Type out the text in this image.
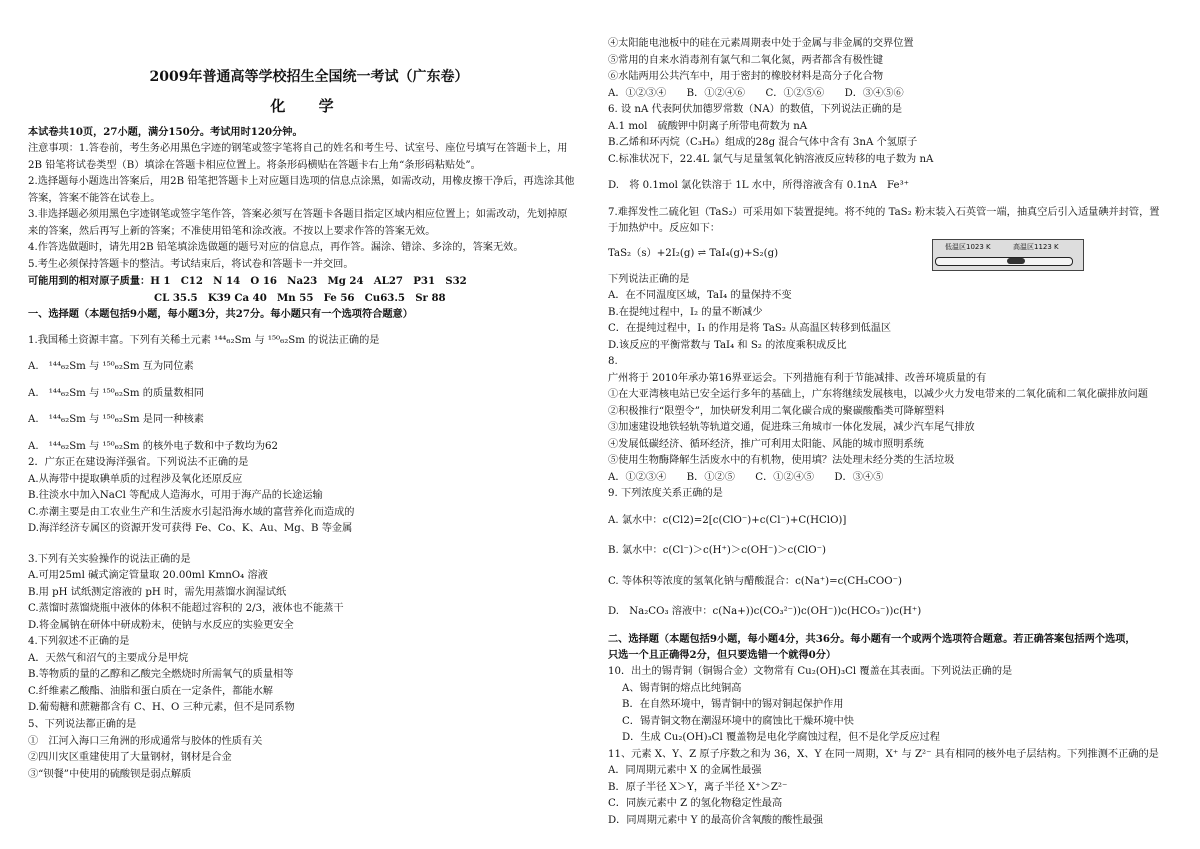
2009年普通高等学校招生全国统一考试（广东卷）

化 学

本试卷共10页，27小题，满分150分。考试用时120分钟。

注意事项：1.答卷前，考生务必用黑色字迹的钢笔或签字笔将自己的姓名和考生号、试室号、座位号填写在答题卡上，用

2B 铅笔将试卷类型（B）填涂在答题卡相应位置上。将条形码横贴在答题卡右上角“条形码粘贴处”。

2.选择题每小题选出答案后，用2B 铅笔把答题卡上对应题目选项的信息点涂黑，如需改动，用橡皮擦干净后，再选涂其他

答案，答案不能答在试卷上。

3.非选择题必须用黑色字迹钢笔或签字笔作答，答案必须写在答题卡各题目指定区域内相应位置上；如需改动，先划掉原

来的答案，然后再写上新的答案；不准使用铅笔和涂改液。不按以上要求作答的答案无效。

4.作答选做题时，请先用2B 铅笔填涂选做题的题号对应的信息点，再作答。漏涂、错涂、多涂的，答案无效。

5.考生必须保持答题卡的整洁。考试结束后，将试卷和答题卡一并交回。

可能用到的相对原子质量：H 1　C12　N 14　O 16　Na23　Mg 24　AL27　P31　S32

CL 35.5　K39 Ca 40　Mn 55　Fe 56　Cu63.5　Sr 88

一、选择题（本题包括9小题，每小题3分，共27分。每小题只有一个选项符合题意）

1.我国稀土资源丰富。下列有关稀土元素 ¹⁴⁴₆₂Sm 与 ¹⁵⁰₆₂Sm 的说法正确的是

A.　¹⁴⁴₆₂Sm 与 ¹⁵⁰₆₂Sm 互为同位素

A.　¹⁴⁴₆₂Sm 与 ¹⁵⁰₆₂Sm 的质量数相同

A.　¹⁴⁴₆₂Sm 与 ¹⁵⁰₆₂Sm 是同一种核素

A.　¹⁴⁴₆₂Sm 与 ¹⁵⁰₆₂Sm 的核外电子数和中子数均为62

2．广东正在建设海洋强省。下列说法不正确的是

A.从海带中提取碘单质的过程涉及氧化还原反应

B.往淡水中加入NaCl 等配成人造海水，可用于海产品的长途运输

C.赤潮主要是由工农业生产和生活废水引起沿海水域的富营养化而造成的

D.海洋经济专属区的资源开发可获得 Fe、Co、K、Au、Mg、B 等金属

3.下列有关实验操作的说法正确的是

A.可用25ml 碱式滴定管量取 20.00ml KmnO₄ 溶液

B.用 pH 试纸测定溶液的 pH 时，需先用蒸馏水润湿试纸

C.蒸馏时蒸馏烧瓶中液体的体积不能超过容积的 2/3，液体也不能蒸干

D.将金属钠在研体中研成粉末，使钠与水反应的实验更安全

4.下列叙述不正确的是

A．天然气和沼气的主要成分是甲烷

B.等物质的量的乙醇和乙酸完全燃烧时所需氧气的质量相等

C.纤维素乙酸酯、油脂和蛋白质在一定条件，都能水解

D.葡萄糖和蔗糖都含有 C、H、O 三种元素，但不是同系物

5、下列说法都正确的是

①　江河入海口三角洲的形成通常与胶体的性质有关

②四川灾区重建使用了大量钢材，钢材是合金

③“钡餐”中使用的硫酸钡是弱点解质

④太阳能电池板中的硅在元素周期表中处于金属与非金属的交界位置

⑤常用的自来水消毒剂有氯气和二氧化氮，两者都含有极性键

⑥水陆两用公共汽车中，用于密封的橡胶材料是高分子化合物

A．①②③④　　B．①②④⑥　　C．①②⑤⑥　　D．③④⑤⑥

6. 设 nA 代表阿伏加德罗常数（NA）的数值，下列说法正确的是

A.1 mol　硫酸钾中阴离子所带电荷数为 nA

B.乙烯和环丙烷（C₃H₆）组成的28g 混合气体中含有 3nA 个氢原子

C.标准状况下，22.4L 氯气与足量氢氧化钠溶液反应转移的电子数为 nA

D.　将 0.1mol 氯化铁溶于 1L 水中，所得溶液含有 0.1nA　Fe³⁺

7.难挥发性二硫化钽（TaS₂）可采用如下装置提纯。将不纯的 TaS₂ 粉末装入石英管一端，抽真空后引入适量碘并封管，置

于加热炉中。反应如下：

TaS₂（s）+2I₂(g) ⇌ TaI₄(g)+S₂(g)
低温区1023 K	高温区1123 K

下列说法正确的是

A．在不同温度区域，TaI₄ 的量保持不变

B.在提纯过程中，I₂ 的量不断减少

C．在提纯过程中，I₁ 的作用是将 TaS₂ 从高温区转移到低温区

D.该反应的平衡常数与 TaI₄ 和 S₂ 的浓度乘积成反比

8.

广州将于 2010年承办第16界亚运会。下列措施有利于节能减排、改善环境质量的有

①在大亚湾核电站已安全运行多年的基础上，广东将继续发展核电，以减少火力发电带来的二氧化硫和二氧化碳排放问题

②积极推行“限塑令”，加快研发利用二氧化碳合成的聚碳酸酯类可降解塑料

③加速建设地铁轻轨等轨道交通，促进珠三角城市一体化发展，减少汽车尾气排放

④发展低碳经济、循环经济，推广可利用太阳能、风能的城市照明系统

⑤使用生物酶降解生活废水中的有机物，使用填？法处理未经分类的生活垃圾

A．①②③④　　B．①②⑤　　C．①②④⑤　　D．③④⑤

9. 下列浓度关系正确的是

A. 氯水中：c(Cl2)=2[c(ClO⁻)+c(Cl⁻)+C(HClO)]

B. 氯水中：c(Cl⁻)＞c(H⁺)＞c(OH⁻)＞c(ClO⁻)

C. 等体积等浓度的氢氧化钠与醋酸混合：c(Na⁺)=c(CH₃COO⁻)

D.　Na₂CO₃ 溶液中：c(Na+))c(CO₃²⁻))c(OH⁻))c(HCO₃⁻))c(H⁺)

二、选择题（本题包括9小题，每小题4分，共36分。每小题有一个或两个选项符合题意。若正确答案包括两个选项，

只选一个且正确得2分，但只要选错一个就得0分）

10．出土的锡青铜（铜锡合金）文物常有 Cu₂(OH)₃Cl 覆盖在其表面。下列说法正确的是

A、锡青铜的熔点比纯铜高

B．在自然环境中，锡青铜中的锡对铜起保护作用

C．锡青铜文物在潮湿环境中的腐蚀比干燥环境中快

D．生成 Cu₂(OH)₃Cl 覆盖物是电化学腐蚀过程，但不是化学反应过程

11、元素 X、Y、Z 原子序数之和为 36，X、Y 在同一周期，X⁺ 与 Z²⁻ 具有相同的核外电子层结构。下列推测不正确的是

A．同周期元素中 X 的金属性最强

B．原子半径 X＞Y，离子半径 X⁺＞Z²⁻

C．同族元素中 Z 的氢化物稳定性最高

D．同周期元素中 Y 的最高价含氧酸的酸性最强
